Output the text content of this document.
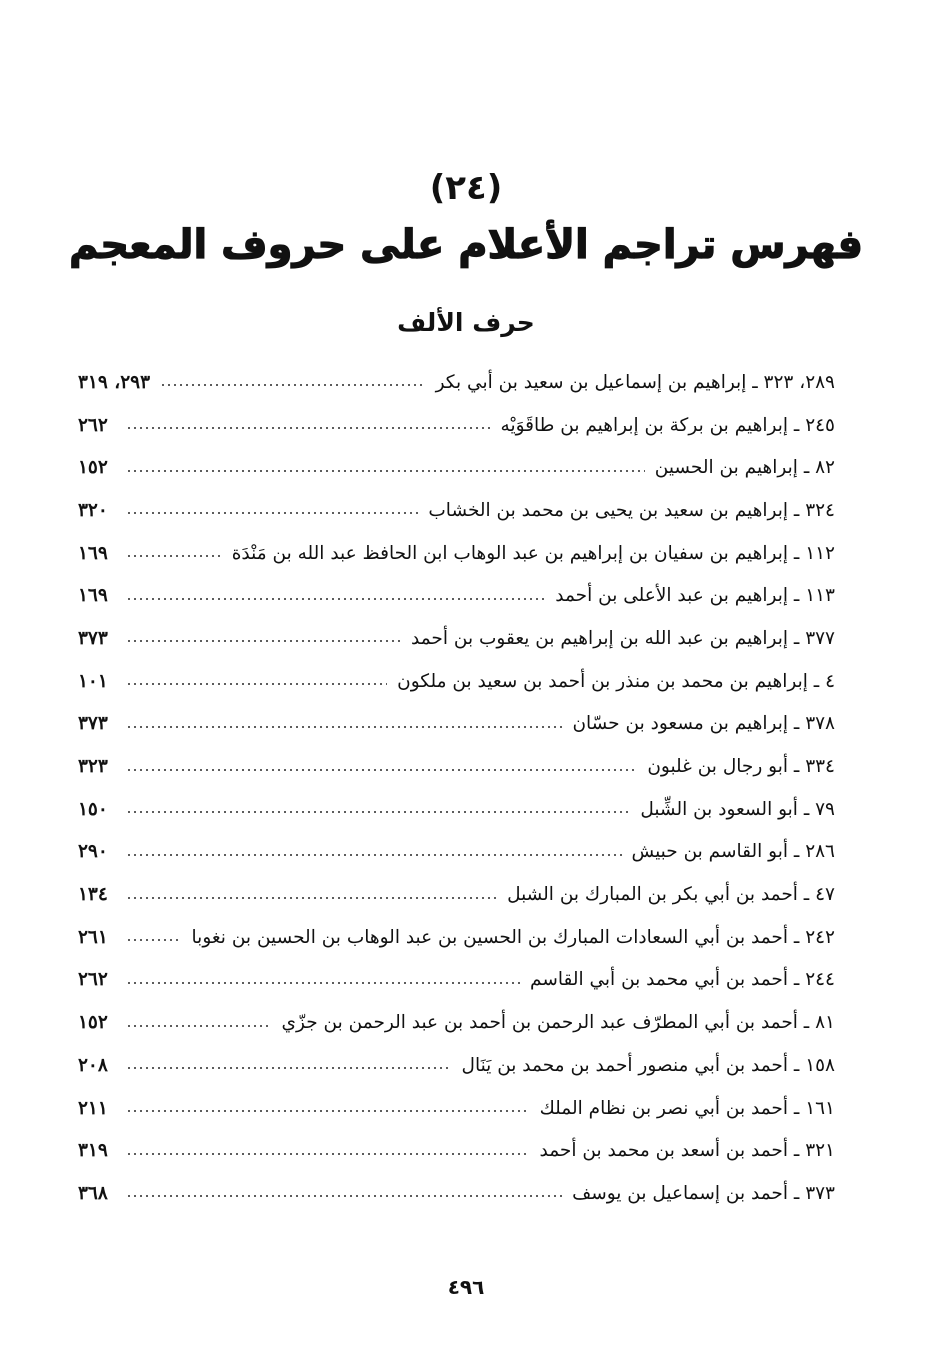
(٢٤)
فهرس تراجم الأعلام على حروف المعجم
حرف الألف
٢٨٩، ٣٢٣ ـ إبراهيم بن إسماعيل بن سعيد بن أبي بكر
٢٩٣، ٣١٩
٢٤٥ ـ إبراهيم بن بركة بن إبراهيم بن طاقَوَيْه
٢٦٢
٨٢ ـ إبراهيم بن الحسين
١٥٢
٣٢٤ ـ إبراهيم بن سعيد بن يحيى بن محمد بن الخشاب
٣٢٠
١١٢ ـ إبراهيم بن سفيان بن إبراهيم بن عبد الوهاب ابن الحافظ عبد الله بن مَنْدَة
١٦٩
١١٣ ـ إبراهيم بن عبد الأعلى بن أحمد
١٦٩
٣٧٧ ـ إبراهيم بن عبد الله بن إبراهيم بن يعقوب بن أحمد
٣٧٣
٤ ـ إبراهيم بن محمد بن منذر بن أحمد بن سعيد بن ملكون
١٠١
٣٧٨ ـ إبراهيم بن مسعود بن حسّان
٣٧٣
٣٣٤ ـ أبو رجال بن غلبون
٣٢٣
٧٩ ـ أبو السعود بن الشِّبل
١٥٠
٢٨٦ ـ أبو القاسم بن حبيش
٢٩٠
٤٧ ـ أحمد بن أبي بكر بن المبارك بن الشبل
١٣٤
٢٤٢ ـ أحمد بن أبي السعادات المبارك بن الحسين بن عبد الوهاب بن الحسين بن نغوبا
٢٦١
٢٤٤ ـ أحمد بن أبي محمد بن أبي القاسم
٢٦٢
٨١ ـ أحمد بن أبي المطرّف عبد الرحمن بن أحمد بن عبد الرحمن بن جزّي
١٥٢
١٥٨ ـ أحمد بن أبي منصور أحمد بن محمد بن يَنَال
٢٠٨
١٦١ ـ أحمد بن أبي نصر بن نظام الملك
٢١١
٣٢١ ـ أحمد بن أسعد بن محمد بن أحمد
٣١٩
٣٧٣ ـ أحمد بن إسماعيل بن يوسف
٣٦٨
٤٩٦
